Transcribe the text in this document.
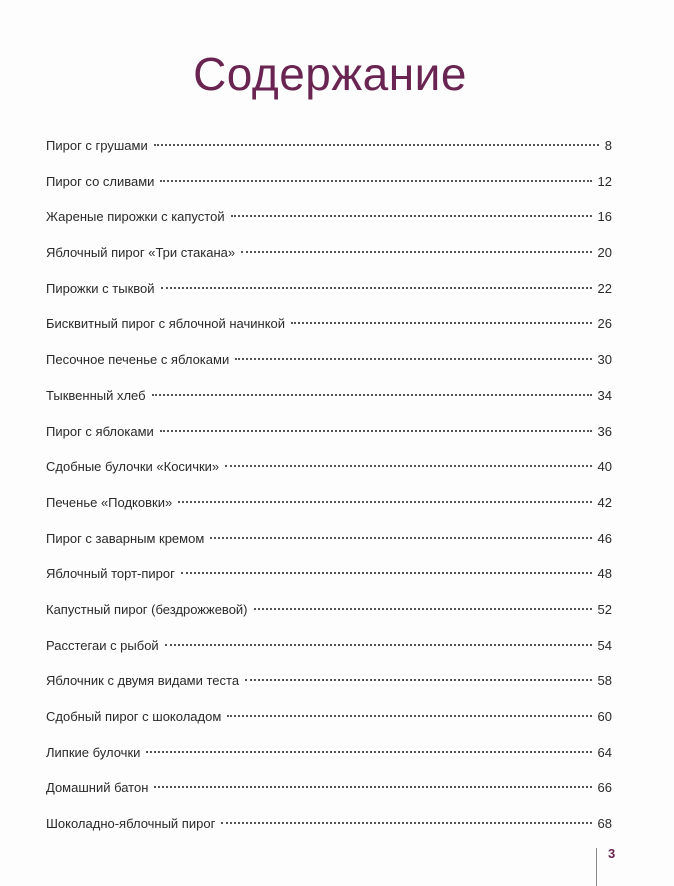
Содержание
Пирог с грушами	8
Пирог со сливами	12
Жареные пирожки с капустой	16
Яблочный пирог «Три стакана»	20
Пирожки с тыквой	22
Бисквитный пирог с яблочной начинкой	26
Песочное печенье с яблоками	30
Тыквенный хлеб	34
Пирог с яблоками	36
Сдобные булочки «Косички»	40
Печенье «Подковки»	42
Пирог с заварным кремом	46
Яблочный торт-пирог	48
Капустный пирог (бездрожжевой)	52
Расстегаи с рыбой	54
Яблочник с двумя видами теста	58
Сдобный пирог с шоколадом	60
Липкие булочки	64
Домашний батон	66
Шоколадно-яблочный пирог	68
3
